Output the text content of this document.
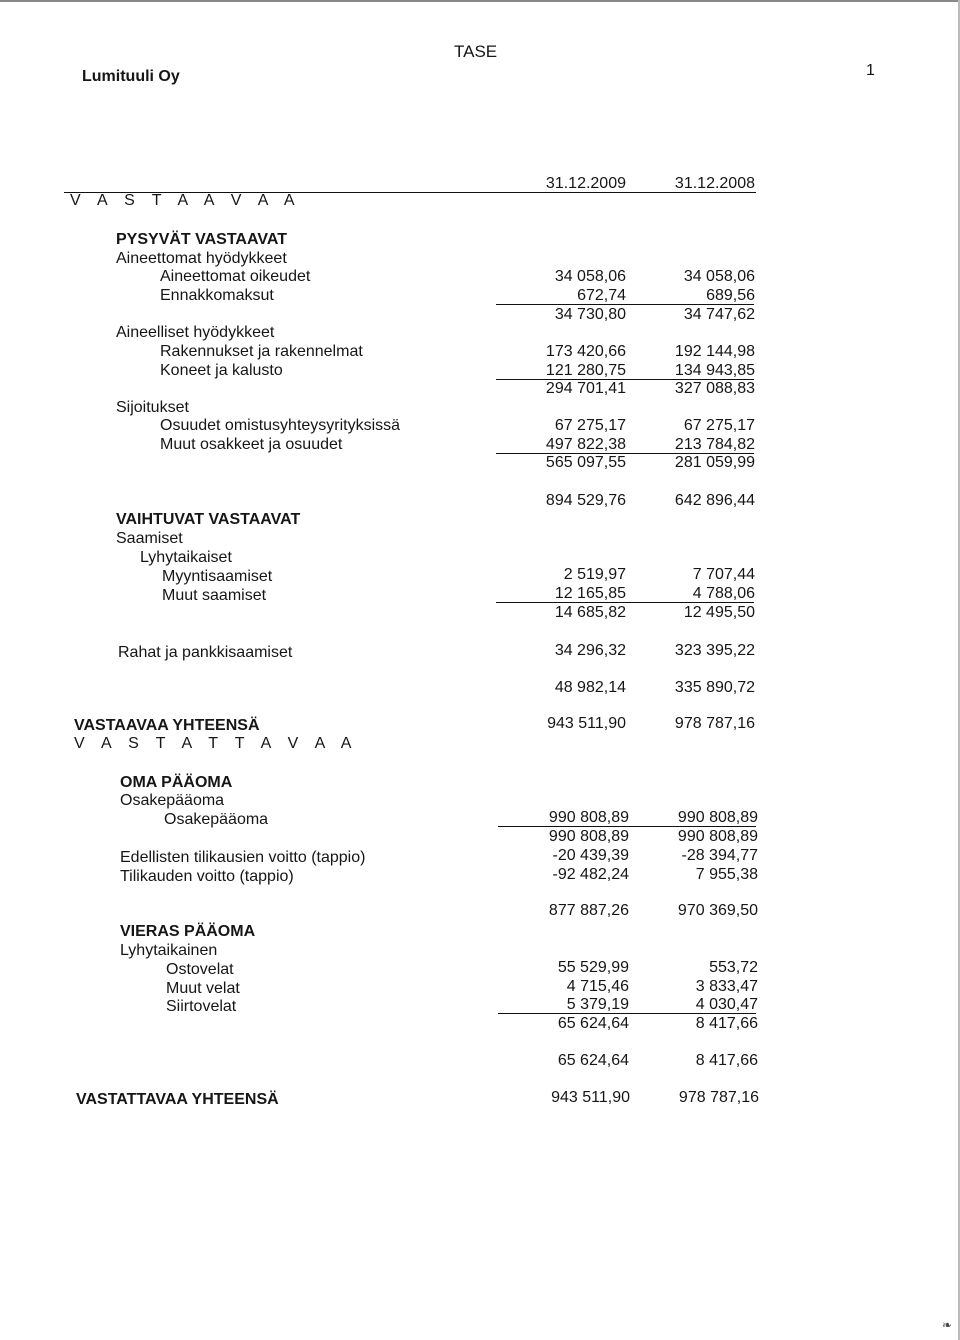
TASE
Lumituuli Oy	1
31.12.2009	31.12.2008
V A S T A A V A A
PYSYVÄT VASTAAVAT
Aineettomat hyödykkeet
Aineettomat oikeudet	34 058,06	34 058,06
Ennakkomaksut	672,74	689,56
34 730,80	34 747,62
Aineelliset hyödykkeet
Rakennukset ja rakennelmat	173 420,66	192 144,98
Koneet ja kalusto	121 280,75	134 943,85
294 701,41	327 088,83
Sijoitukset
Osuudet omistusyhteysyrityksissä	67 275,17	67 275,17
Muut osakkeet ja osuudet	497 822,38	213 784,82
565 097,55	281 059,99
894 529,76	642 896,44
VAIHTUVAT VASTAAVAT
Saamiset
Lyhytaikaiset
Myyntisaamiset	2 519,97	7 707,44
Muut saamiset	12 165,85	4 788,06
14 685,82	12 495,50
Rahat ja pankkisaamiset	34 296,32	323 395,22
48 982,14	335 890,72
VASTAAVAA YHTEENSÄ	943 511,90	978 787,16
V A S T A T T A V A A
OMA PÄÄOMA
Osakepääoma
Osakepääoma	990 808,89	990 808,89
990 808,89	990 808,89
Edellisten tilikausien voitto (tappio)	-20 439,39	-28 394,77
Tilikauden voitto (tappio)	-92 482,24	7 955,38
877 887,26	970 369,50
VIERAS PÄÄOMA
Lyhytaikainen
Ostovelat	55 529,99	553,72
Muut velat	4 715,46	3 833,47
Siirtovelat	5 379,19	4 030,47
65 624,64	8 417,66
65 624,64	8 417,66
VASTATTAVAA YHTEENSÄ	943 511,90	978 787,16
❧
